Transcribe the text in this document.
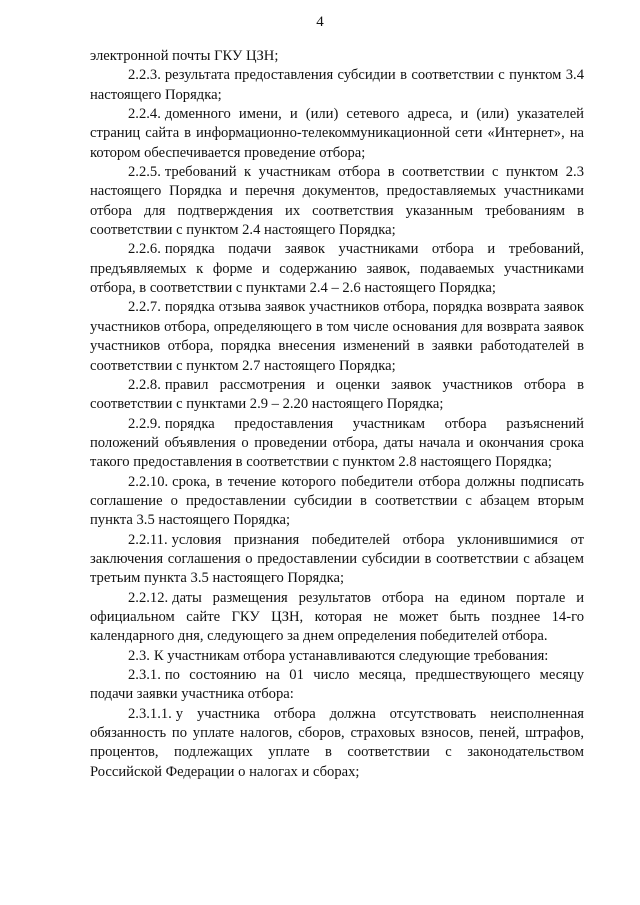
4

электронной почты ГКУ ЦЗН;

2.2.3. результата предоставления субсидии в соответствии с пунктом 3.4 настоящего Порядка;

2.2.4. доменного имени, и (или) сетевого адреса, и (или) указателей страниц сайта в информационно-телекоммуникационной сети «Интернет», на котором обеспечивается проведение отбора;

2.2.5. требований к участникам отбора в соответствии с пунктом 2.3 настоящего Порядка и перечня документов, предоставляемых участниками отбора для подтверждения их соответствия указанным требованиям в соответствии с пунктом 2.4 настоящего Порядка;

2.2.6. порядка подачи заявок участниками отбора и требований, предъявляемых к форме и содержанию заявок, подаваемых участниками отбора, в соответствии с пунктами 2.4 – 2.6 настоящего Порядка;

2.2.7. порядка отзыва заявок участников отбора, порядка возврата заявок участников отбора, определяющего в том числе основания для возврата заявок участников отбора, порядка внесения изменений в заявки работодателей в соответствии с пунктом 2.7 настоящего Порядка;

2.2.8. правил рассмотрения и оценки заявок участников отбора в соответствии с пунктами 2.9 – 2.20 настоящего Порядка;

2.2.9. порядка предоставления участникам отбора разъяснений положений объявления о проведении отбора, даты начала и окончания срока такого предоставления в соответствии с пунктом 2.8 настоящего Порядка;

2.2.10. срока, в течение которого победители отбора должны подписать соглашение о предоставлении субсидии в соответствии с абзацем вторым пункта 3.5 настоящего Порядка;

2.2.11. условия признания победителей отбора уклонившимися от заключения соглашения о предоставлении субсидии в соответствии с абзацем третьим пункта 3.5 настоящего Порядка;

2.2.12. даты размещения результатов отбора на едином портале и официальном сайте ГКУ ЦЗН, которая не может быть позднее 14-го календарного дня, следующего за днем определения победителей отбора.

2.3. К участникам отбора устанавливаются следующие требования:

2.3.1. по состоянию на 01 число месяца, предшествующего месяцу подачи заявки участника отбора:

2.3.1.1. у участника отбора должна отсутствовать неисполненная обязанность по уплате налогов, сборов, страховых взносов, пеней, штрафов, процентов, подлежащих уплате в соответствии с законодательством Российской Федерации о налогах и сборах;
